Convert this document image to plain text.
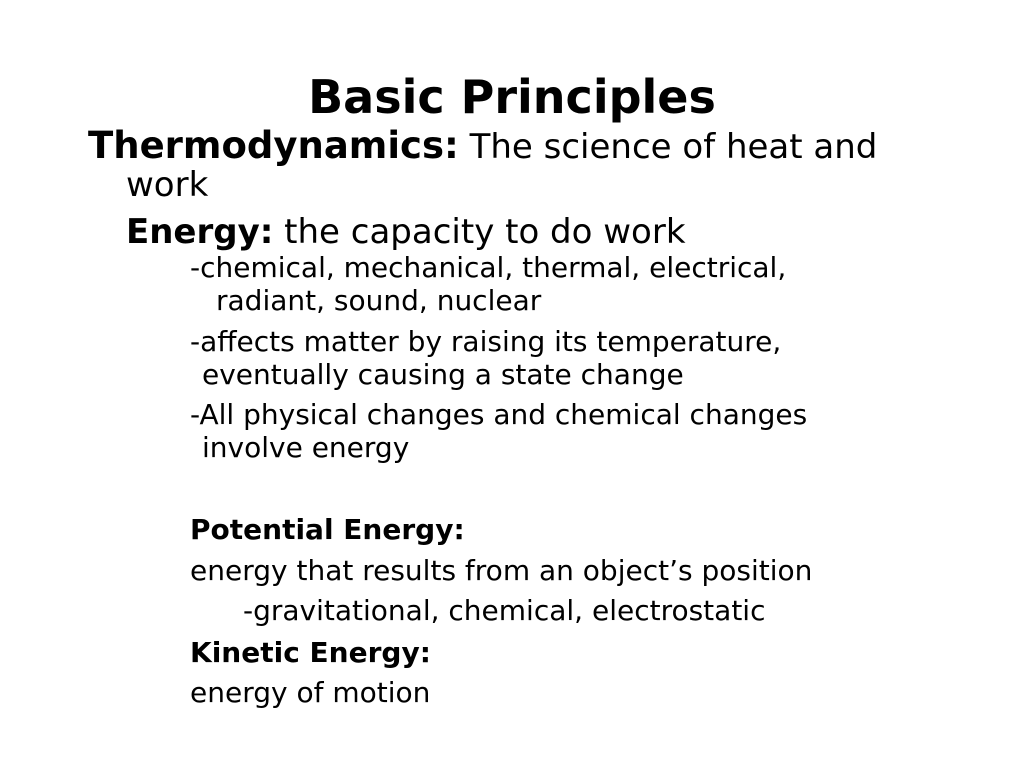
Basic Principles
Thermodynamics: The science of heat and
work
Energy: the capacity to do work
-chemical, mechanical, thermal, electrical,
radiant, sound, nuclear
-affects matter by raising its temperature,
eventually causing a state change
-All physical changes and chemical changes
involve energy
Potential Energy:
energy that results from an object’s position
-gravitational, chemical, electrostatic
Kinetic Energy:
energy of motion
